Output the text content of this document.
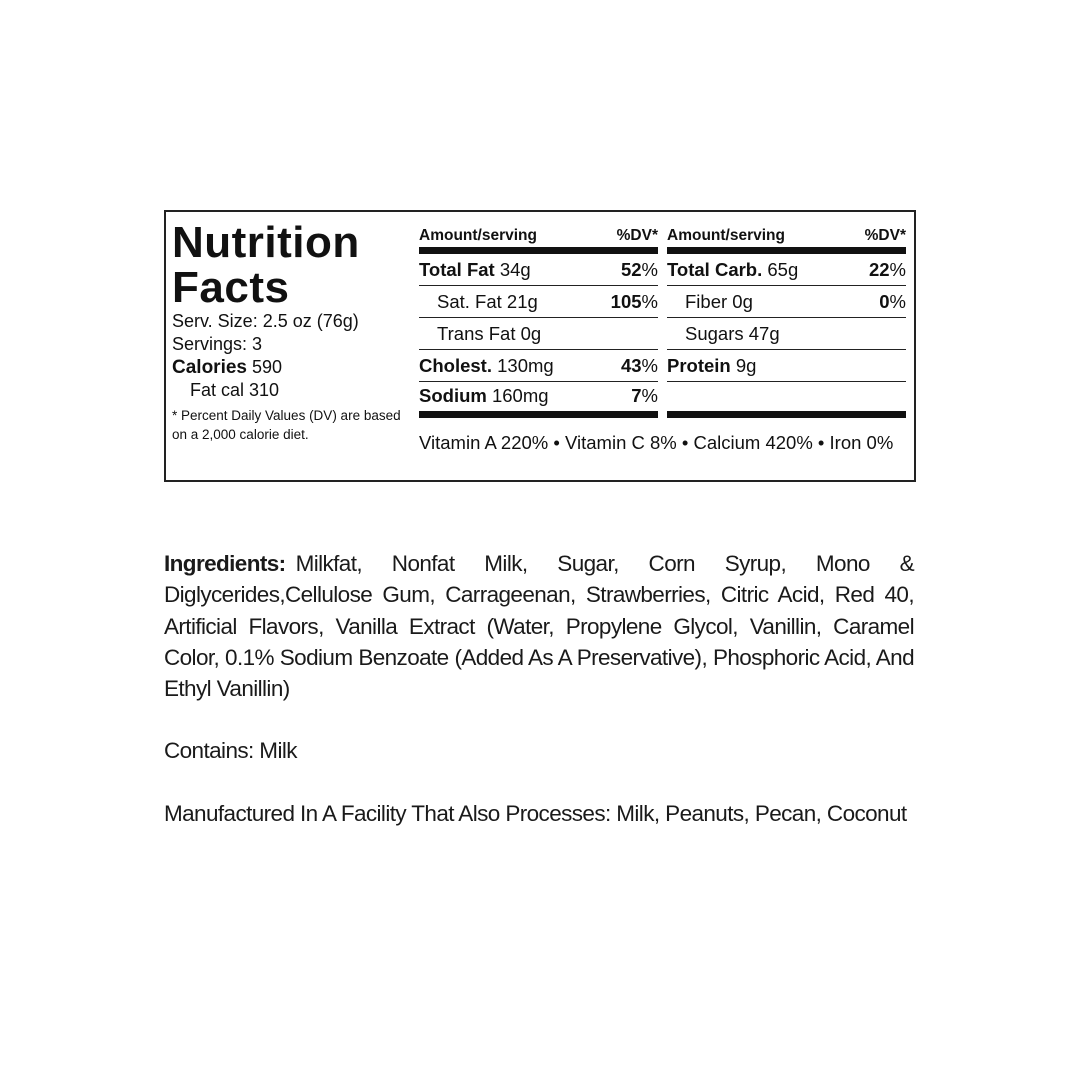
Nutrition
Facts
Serv. Size: 2.5 oz (76g)
Servings: 3
Calories 590
Fat cal 310
* Percent Daily Values (DV) are based on a 2,000 calorie diet.
Amount/serving	%DV*
Total Fat 34g	52%
Sat. Fat 21g	105%
Trans Fat 0g
Cholest. 130mg	43%
Sodium 160mg	7%
Amount/serving	%DV*
Total Carb. 65g	22%
Fiber 0g	0%
Sugars 47g
Protein 9g
Vitamin A 220% • Vitamin C 8% • Calcium 420% • Iron 0%
Ingredients: Milkfat, Nonfat Milk, Sugar, Corn Syrup, Mono & Diglycerides,Cellulose Gum, Carrageenan, Strawberries, Citric Acid, Red 40, Artificial Flavors, Vanilla Extract (Water, Propylene Glycol, Vanillin, Caramel Color, 0.1% Sodium Benzoate (Added As A Preservative), Phosphoric Acid, And Ethyl Vanillin)
Contains: Milk
Manufactured In A Facility That Also Processes: Milk, Peanuts, Pecan, Coconut
